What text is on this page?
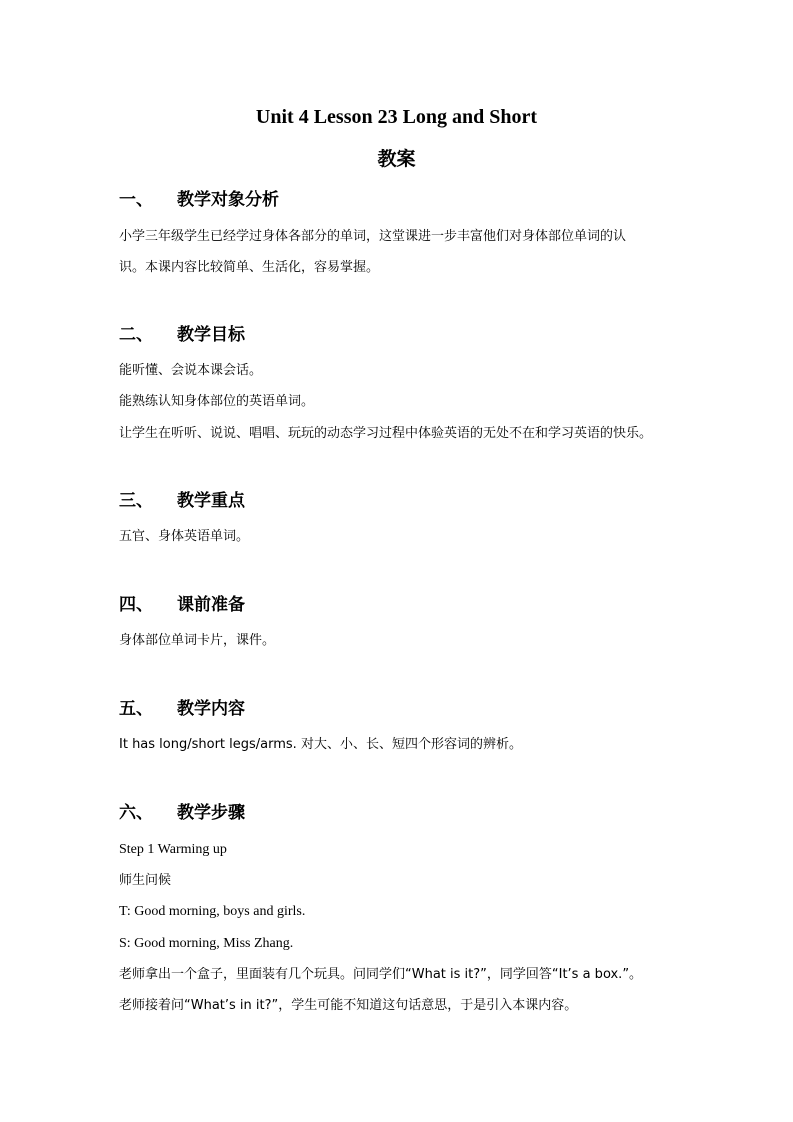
Unit 4 Lesson 23 Long and Short
教案
一、 教学对象分析
小学三年级学生已经学过身体各部分的单词，这堂课进一步丰富他们对身体部位单词的认
识。本课内容比较简单、生活化，容易掌握。
二、 教学目标
能听懂、会说本课会话。
能熟练认知身体部位的英语单词。
让学生在听听、说说、唱唱、玩玩的动态学习过程中体验英语的无处不在和学习英语的快乐。
三、 教学重点
五官、身体英语单词。
四、 课前准备
身体部位单词卡片，课件。
五、 教学内容
It has long/short legs/arms. 对大、小、长、短四个形容词的辨析。
六、 教学步骤
Step 1 Warming up
师生问候
T: Good morning, boys and girls.
S: Good morning, Miss Zhang.
老师拿出一个盒子，里面装有几个玩具。问同学们“What is it?”，同学回答“It’s a box.”。
老师接着问“What’s in it?”，学生可能不知道这句话意思，于是引入本课内容。
